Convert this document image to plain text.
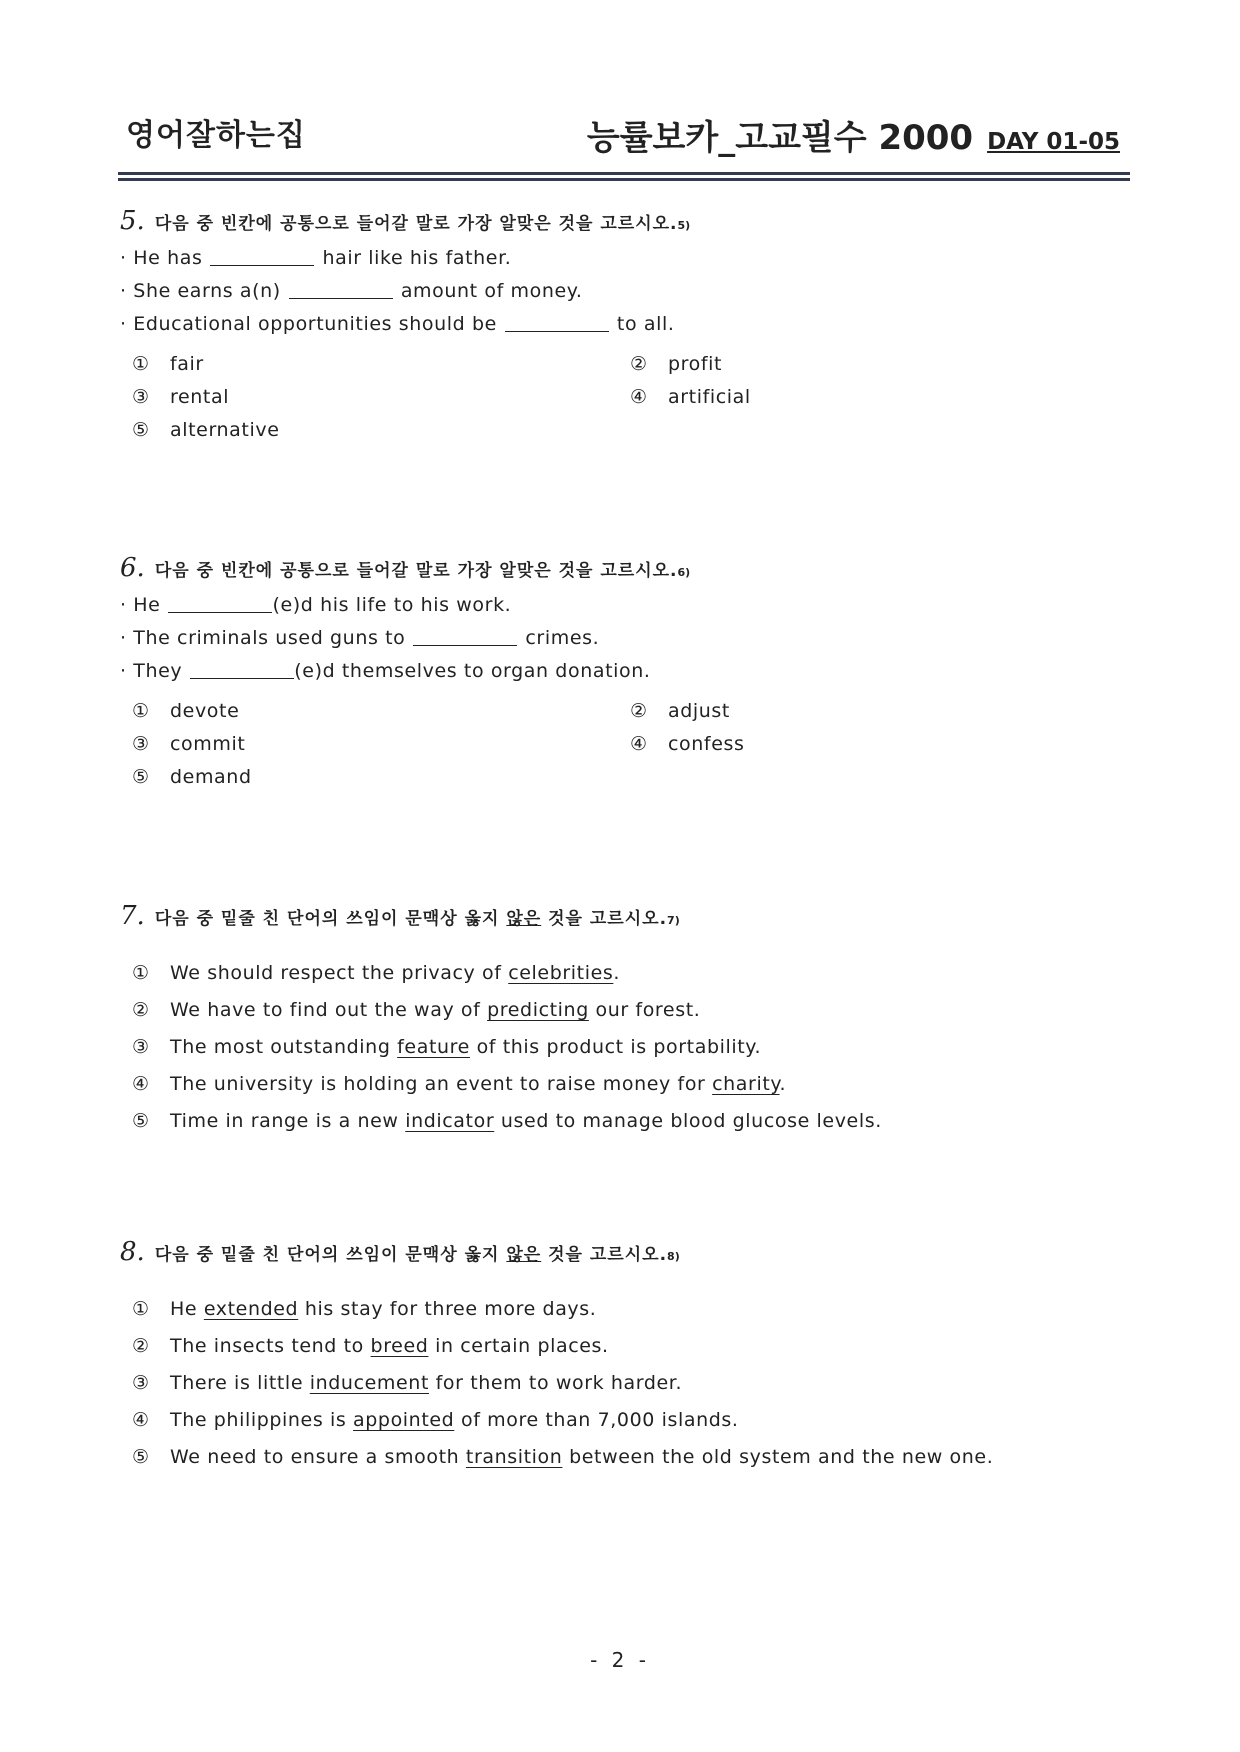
영어잘하는집	능률보카_고교필수 2000 DAY 01-05
5. 다음 중 빈칸에 공통으로 들어갈 말로 가장 알맞은 것을 고르시오.5)
· He has	hair like his father.
· She earns a(n)	amount of money.
· Educational opportunities should be	to all.
① fair	② profit
③ rental	④ artificial
⑤ alternative
6. 다음 중 빈칸에 공통으로 들어갈 말로 가장 알맞은 것을 고르시오.6)
· He	(e)d his life to his work.
· The criminals used guns to	crimes.
· They	(e)d themselves to organ donation.
① devote	② adjust
③ commit	④ confess
⑤ demand
7. 다음 중 밑줄 친 단어의 쓰임이 문맥상 옳지 않은 것을 고르시오.7)
① We should respect the privacy of celebrities.
② We have to find out the way of predicting our forest.
③ The most outstanding feature of this product is portability.
④ The university is holding an event to raise money for charity.
⑤ Time in range is a new indicator used to manage blood glucose levels.
8. 다음 중 밑줄 친 단어의 쓰임이 문맥상 옳지 않은 것을 고르시오.8)
① He extended his stay for three more days.
② The insects tend to breed in certain places.
③ There is little inducement for them to work harder.
④ The philippines is appointed of more than 7,000 islands.
⑤ We need to ensure a smooth transition between the old system and the new one.
- 2 -
